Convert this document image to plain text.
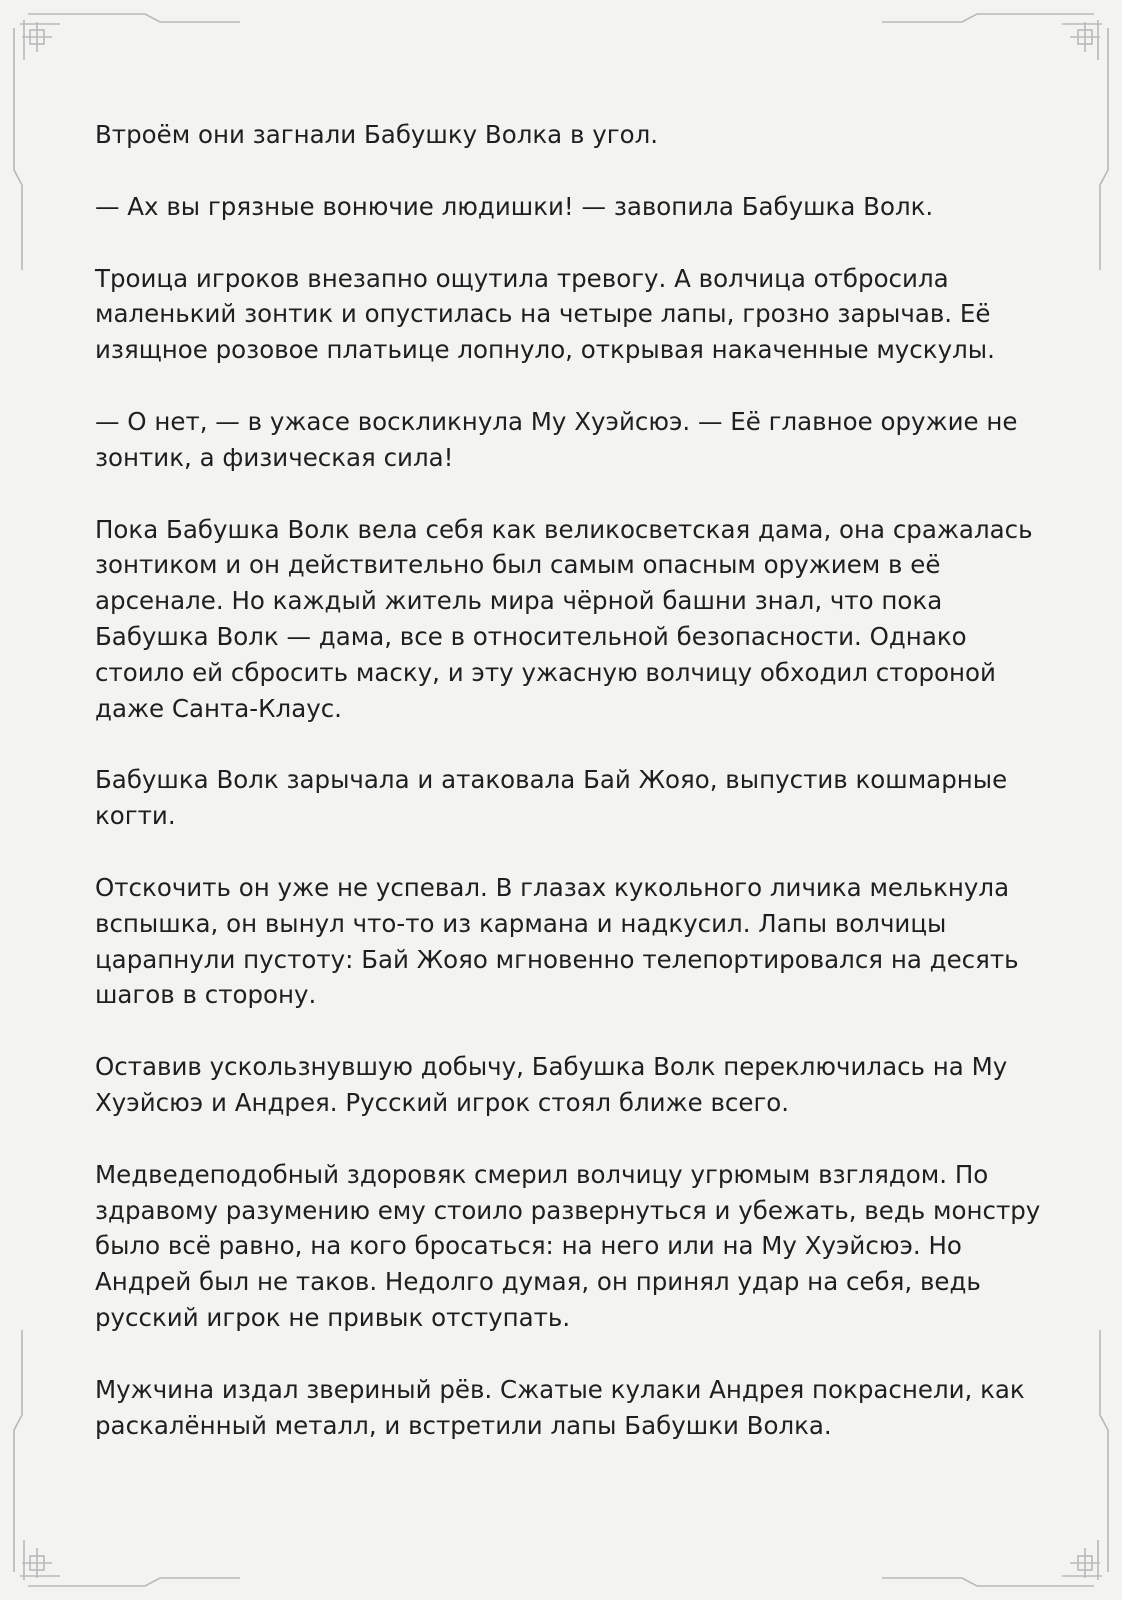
Втроём они загнали Бабушку Волка в угол.

— Ах вы грязные вонючие людишки! — завопила Бабушка Волк.

Троица игроков внезапно ощутила тревогу. А волчица отбросила маленький зонтик и опустилась на четыре лапы, грозно зарычав. Её изящное розовое платьице лопнуло, открывая накаченные мускулы.

— О нет, — в ужасе воскликнула Му Хуэйсюэ. — Её главное оружие не зонтик, а физическая сила!

Пока Бабушка Волк вела себя как великосветская дама, она сражалась зонтиком и он действительно был самым опасным оружием в её арсенале. Но каждый житель мира чёрной башни знал, что пока Бабушка Волк — дама, все в относительной безопасности. Однако стоило ей сбросить маску, и эту ужасную волчицу обходил стороной даже Санта-Клаус.

Бабушка Волк зарычала и атаковала Бай Жояо, выпустив кошмарные когти.

Отскочить он уже не успевал. В глазах кукольного личика мелькнула вспышка, он вынул что-то из кармана и надкусил. Лапы волчицы царапнули пустоту: Бай Жояо мгновенно телепортировался на десять шагов в сторону.

Оставив ускользнувшую добычу, Бабушка Волк переключилась на Му Хуэйсюэ и Андрея. Русский игрок стоял ближе всего.

Медведеподобный здоровяк смерил волчицу угрюмым взглядом. По здравому разумению ему стоило развернуться и убежать, ведь монстру было всё равно, на кого бросаться: на него или на Му Хуэйсюэ. Но Андрей был не таков. Недолго думая, он принял удар на себя, ведь русский игрок не привык отступать.

Мужчина издал звериный рёв. Сжатые кулаки Андрея покраснели, как раскалённый металл, и встретили лапы Бабушки Волка.
